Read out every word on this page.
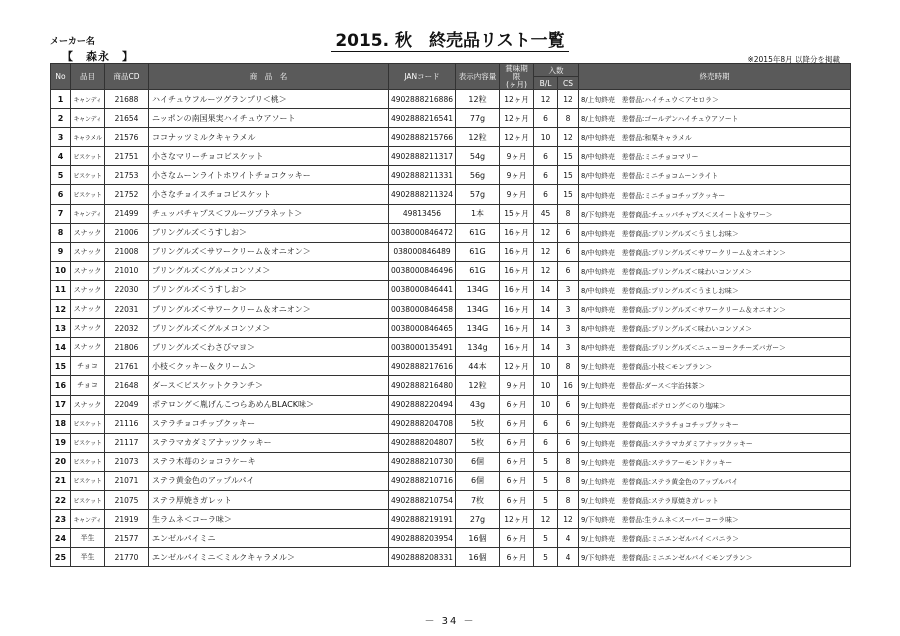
メーカー名
【　森永　】
2015. 秋　終売品リスト一覧
※2015年8月 以降分を掲載
No	品目	商品CD	商　品　名	JANコード	表示内容量	賞味期
限
(ヶ月)	入数		終売時期
							B/L	CS	
1	キャンディ	21688	ハイチュウフルーツグランプリ＜桃＞	4902888216886	12粒	12ヶ月	12	12	8/上旬終売　差替品:ハイチュウ＜アセロラ＞
2	キャンディ	21654	ニッポンの南国果実ハイチュウアソート	4902888216541	77g	12ヶ月	6	8	8/上旬終売　差替品:ゴールデンハイチュウアソート
3	キャラメル	21576	ココナッツミルクキャラメル	4902888215766	12粒	12ヶ月	10	12	8/中旬終売　差替品:和栗キャラメル
4	ビスケット	21751	小さなマリーチョコビスケット	4902888211317	54g	9ヶ月	6	15	8/中旬終売　差替品:ミニチョコマリー
5	ビスケット	21753	小さなムーンライトホワイトチョコクッキー	4902888211331	56g	9ヶ月	6	15	8/中旬終売　差替品:ミニチョコムーンライト
6	ビスケット	21752	小さなチョイスチョコビスケット	4902888211324	57g	9ヶ月	6	15	8/中旬終売　差替品:ミニチョコチップクッキー
7	キャンディ	21499	チュッパチャプス＜フルーツプラネット＞	49813456	1本	15ヶ月	45	8	8/下旬終売　差替商品:チュッパチャプス＜スイート＆サワー＞
8	スナック	21006	プリングルズ＜うすしお＞	0038000846472	61G	16ヶ月	12	6	8/中旬終売　差替商品:プリングルズ＜うましお味＞
9	スナック	21008	プリングルズ＜サワークリーム＆オニオン＞	038000846489	61G	16ヶ月	12	6	8/中旬終売　差替商品:プリングルズ＜サワークリーム＆オニオン＞
10	スナック	21010	プリングルズ＜グルメコンソメ＞	0038000846496	61G	16ヶ月	12	6	8/中旬終売　差替商品:プリングルズ＜味わいコンソメ＞
11	スナック	22030	プリングルズ＜うすしお＞	0038000846441	134G	16ヶ月	14	3	8/中旬終売　差替商品:プリングルズ＜うましお味＞
12	スナック	22031	プリングルズ＜サワークリーム＆オニオン＞	0038000846458	134G	16ヶ月	14	3	8/中旬終売　差替商品:プリングルズ＜サワークリーム＆オニオン＞
13	スナック	22032	プリングルズ＜グルメコンソメ＞	0038000846465	134G	16ヶ月	14	3	8/中旬終売　差替商品:プリングルズ＜味わいコンソメ＞
14	スナック	21806	プリングルズ＜わさびマヨ＞	0038000135491	134g	16ヶ月	14	3	8/中旬終売　差替商品:プリングルズ＜ニューヨークチーズバガー＞
15	チョコ	21761	小枝＜クッキー＆クリーム＞	4902888217616	44本	12ヶ月	10	8	9/上旬終売　差替商品:小枝＜モンブラン＞
16	チョコ	21648	ダース＜ビスケットクランチ＞	4902888216480	12粒	9ヶ月	10	16	9/上旬終売　差替品:ダース＜宇治抹茶＞
17	スナック	22049	ポテロング＜胤げんこつらあめんBLACK味＞	4902888220494	43g	6ヶ月	10	6	9/上旬終売　差替商品:ポテロング＜のり塩味＞
18	ビスケット	21116	ステラチョコチップクッキー	4902888204708	5枚	6ヶ月	6	6	9/上旬終売　差替商品:ステラチョコチップクッキー
19	ビスケット	21117	ステラマカダミアナッツクッキー	4902888204807	5枚	6ヶ月	6	6	9/上旬終売　差替商品:ステラマカダミアナッツクッキー
20	ビスケット	21073	ステラ木苺のショコラケーキ	4902888210730	6個	6ヶ月	5	8	9/上旬終売　差替商品:ステラアーモンドクッキー
21	ビスケット	21071	ステラ黄金色のアップルパイ	4902888210716	6個	6ヶ月	5	8	9/上旬終売　差替商品:ステラ黄金色のアップルパイ
22	ビスケット	21075	ステラ厚焼きガレット	4902888210754	7枚	6ヶ月	5	8	9/上旬終売　差替商品:ステラ厚焼きガレット
23	キャンディ	21919	生ラムネ＜コーラ味＞	4902888219191	27g	12ヶ月	12	12	9/下旬終売　差替品:生ラムネ＜スーパーコーラ味＞
24	半生	21577	エンゼルパイミニ	4902888203954	16個	6ヶ月	5	4	9/上旬終売　差替商品:ミニエンゼルパイ＜バニラ＞
25	半生	21770	エンゼルパイミニ＜ミルクキャラメル＞	4902888208331	16個	6ヶ月	5	4	9/下旬終売　差替商品:ミニエンゼルパイ＜モンブラン＞
－ 34 －
